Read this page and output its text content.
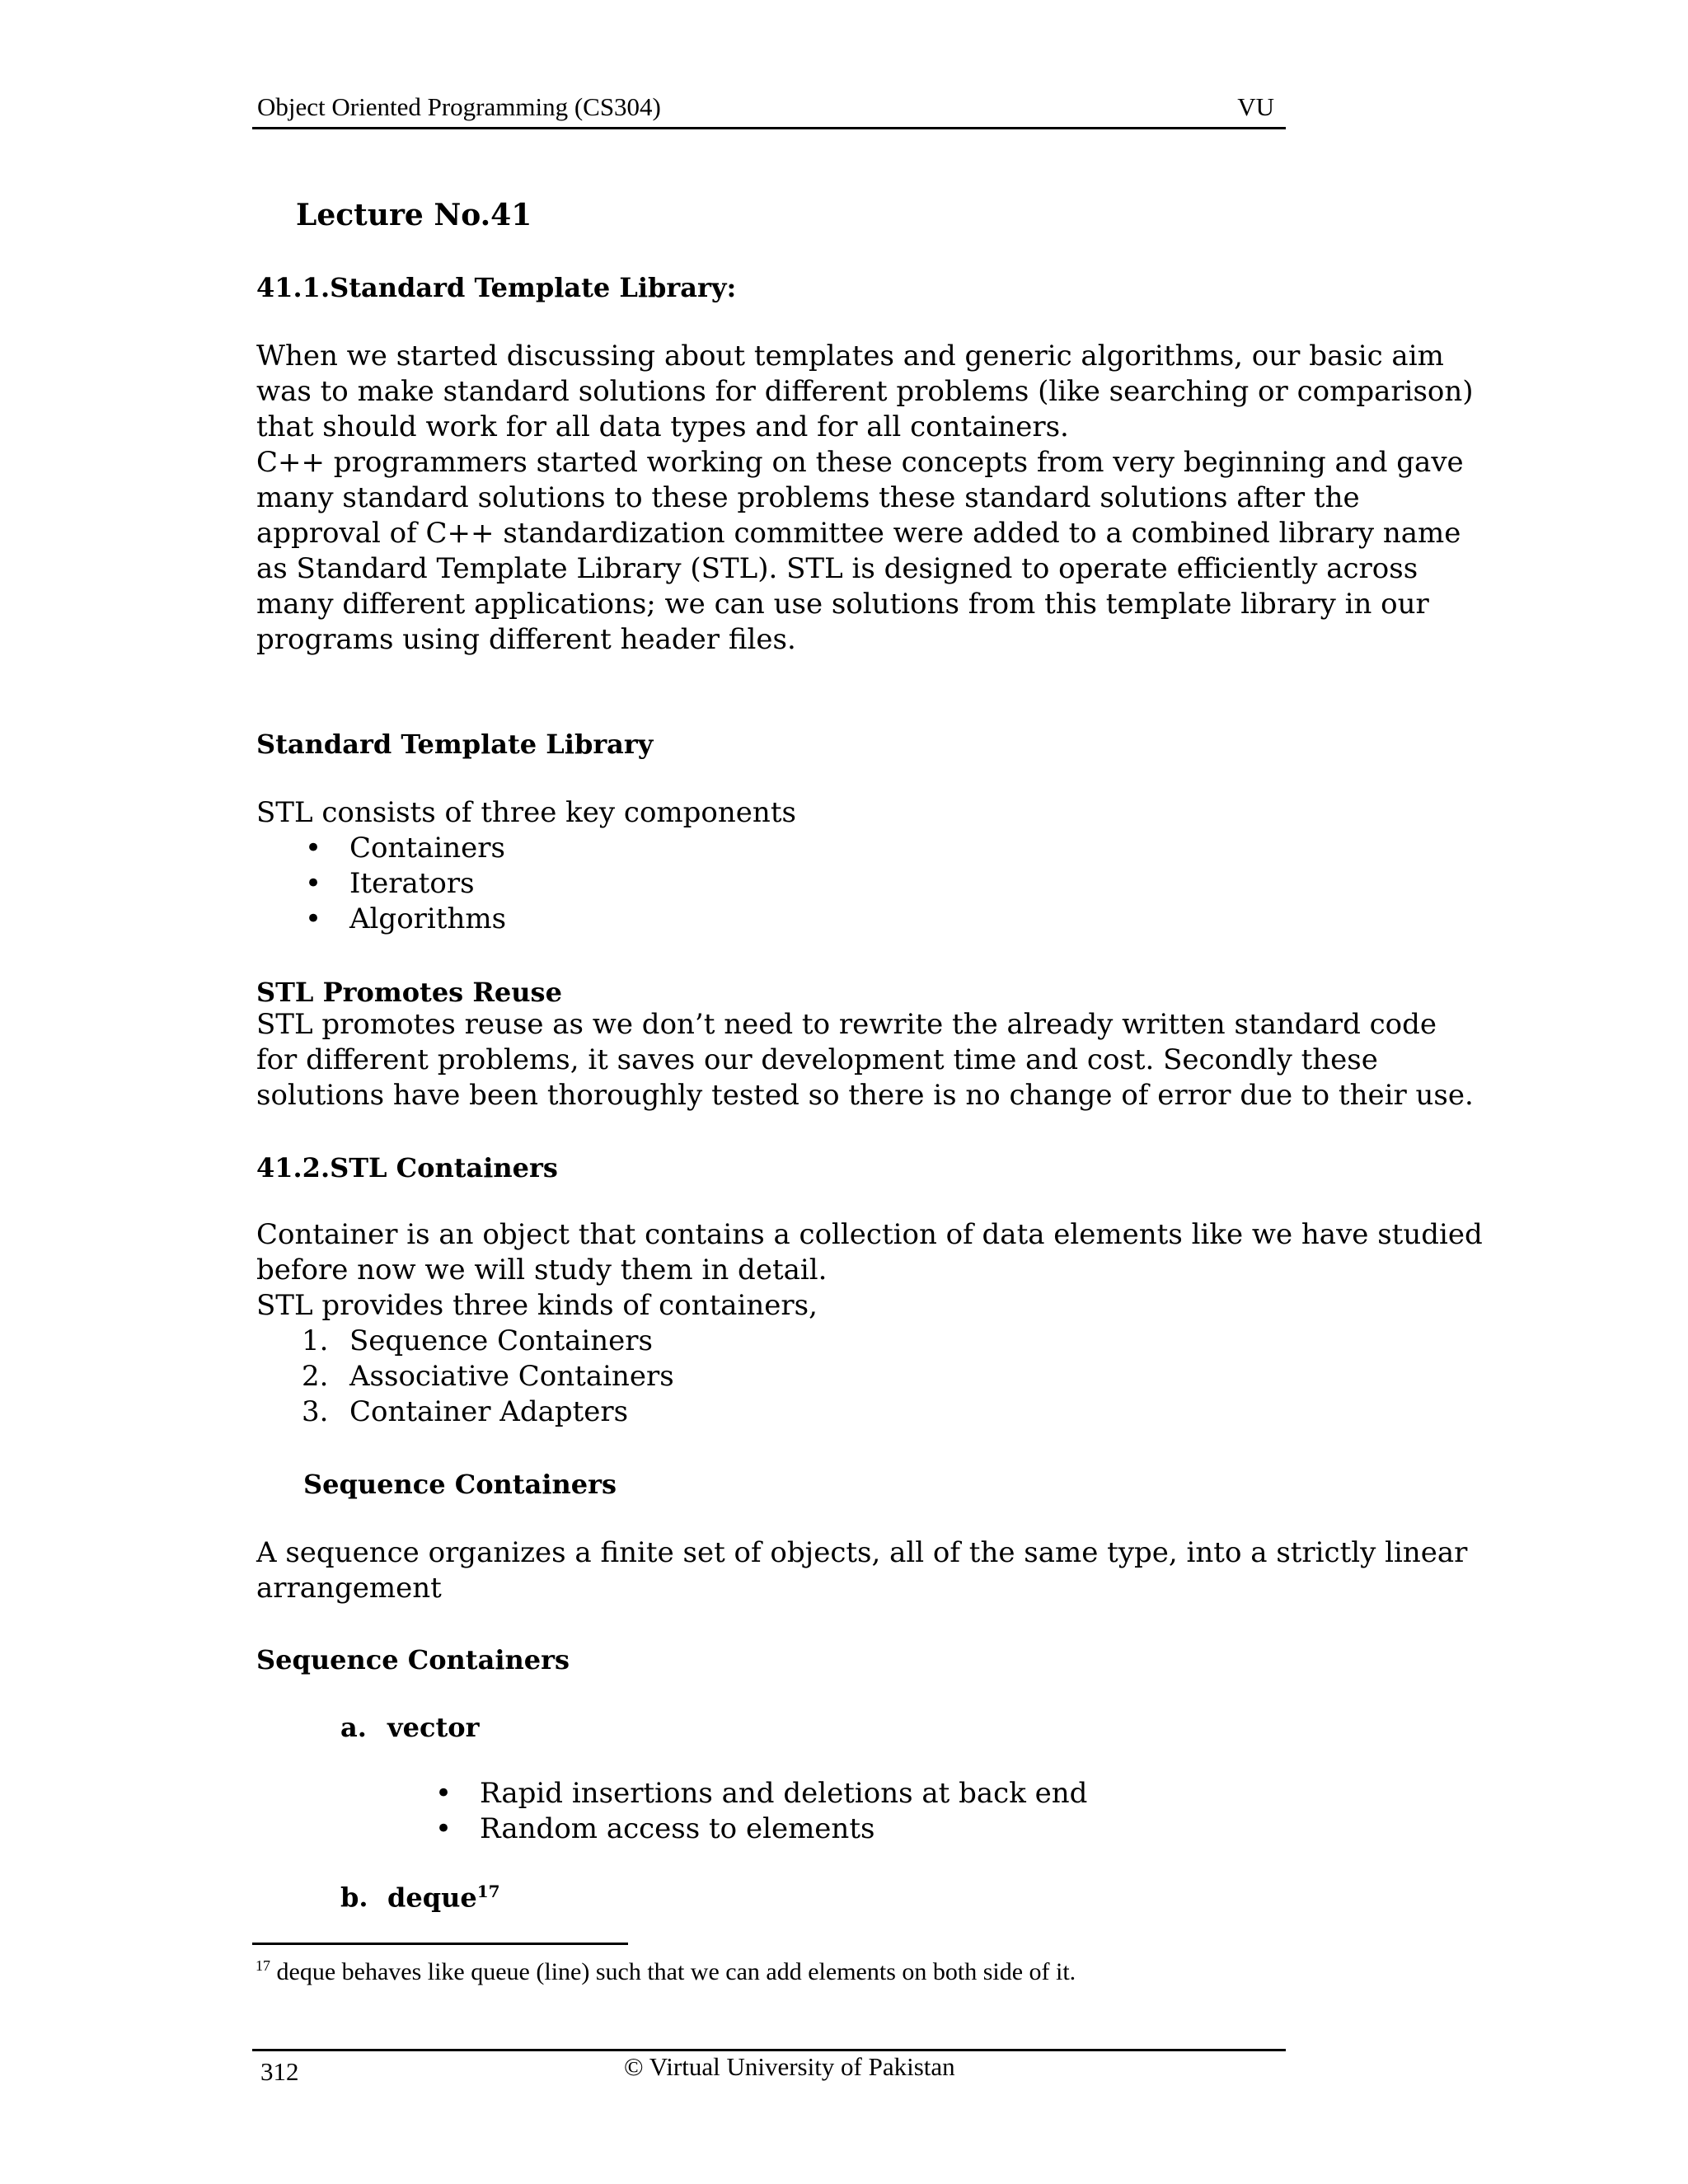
Object Oriented Programming (CS304)	VU
Lecture No.41
41.1.Standard Template Library:
When we started discussing about templates and generic algorithms, our basic aim
was to make standard solutions for different problems (like searching or comparison)
that should work for all data types and for all containers.
C++ programmers started working on these concepts from very beginning and gave
many standard solutions to these problems these standard solutions after the
approval of C++ standardization committee were added to a combined library name
as Standard Template Library (STL). STL is designed to operate efficiently across
many different applications; we can use solutions from this template library in our
programs using different header files.
Standard Template Library
STL consists of three key components
• Containers
• Iterators
• Algorithms
STL Promotes Reuse
STL promotes reuse as we don’t need to rewrite the already written standard code
for different problems, it saves our development time and cost. Secondly these
solutions have been thoroughly tested so there is no change of error due to their use.
41.2.STL Containers
Container is an object that contains a collection of data elements like we have studied
before now we will study them in detail.
STL provides three kinds of containers,
1. Sequence Containers
2. Associative Containers
3. Container Adapters
Sequence Containers
A sequence organizes a finite set of objects, all of the same type, into a strictly linear
arrangement
Sequence Containers
a. vector
• Rapid insertions and deletions at back end
• Random access to elements
b. deque$^{17}$
$^{17}$ deque behaves like queue (line) such that we can add elements on both side of it.
312	© Virtual University of Pakistan
